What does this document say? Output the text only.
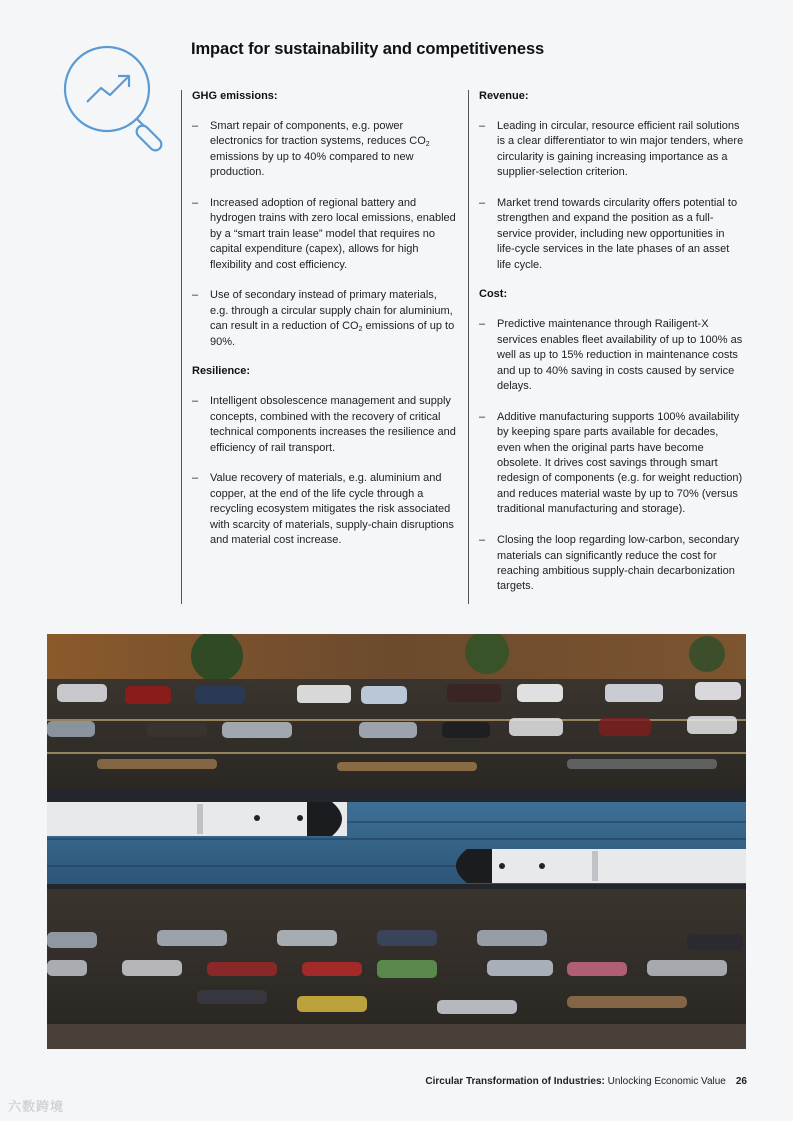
Impact for sustainability and competitiveness

GHG emissions:

– Smart repair of components, e.g. power electronics for traction systems, reduces $CO_2$ emissions by up to 40% compared to new production.
– Increased adoption of regional battery and hydrogen trains with zero local emissions, enabled by a “smart train lease” model that requires no capital expenditure (capex), allows for high flexibility and cost efficiency.
– Use of secondary instead of primary materials, e.g. through a circular supply chain for aluminium, can result in a reduction of $CO_2$ emissions of up to 90%.

Resilience:

– Intelligent obsolescence management and supply concepts, combined with the recovery of critical technical components increases the resilience and efficiency of rail transport.
– Value recovery of materials, e.g. aluminium and copper, at the end of the life cycle through a recycling ecosystem mitigates the risk associated with scarcity of materials, supply-chain disruptions and material cost increase.

Revenue:

– Leading in circular, resource efficient rail solutions is a clear differentiator to win major tenders, where circularity is gaining increasing importance as a supplier-selection criterion.
– Market trend towards circularity offers potential to strengthen and expand the position as a full-service provider, including new opportunities in life-cycle services in the late phases of an asset life cycle.

Cost:

– Predictive maintenance through Railigent-X services enables fleet availability of up to 100% as well as up to 15% reduction in maintenance costs and up to 40% saving in costs caused by service delays.
– Additive manufacturing supports 100% availability by keeping spare parts available for decades, even when the original parts have become obsolete. It drives cost savings through smart redesign of components (e.g. for weight reduction) and reduces material waste by up to 70% (versus traditional manufacturing and storage).
– Closing the loop regarding low-carbon, secondary materials can significantly reduce the cost for reaching ambitious supply-chain decarbonization targets.
Circular Transformation of Industries: Unlocking Economic Value 26
六数跨境
